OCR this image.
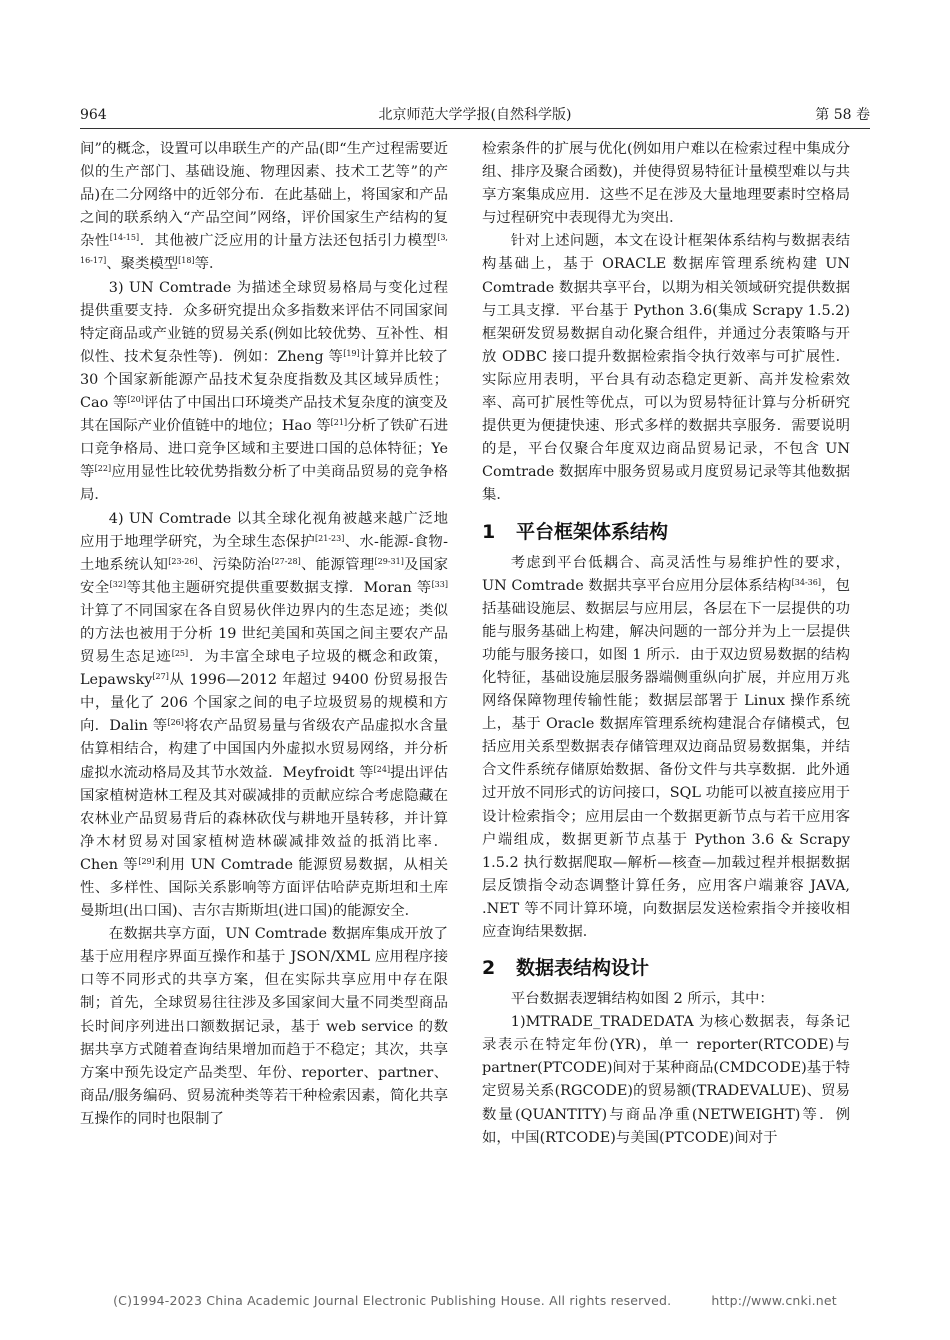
964	北京师范大学学报(自然科学版)	第 58 卷

间”的概念，设置可以串联生产的产品(即“生产过程需要近似的生产部门、基础设施、物理因素、技术工艺等”的产品)在二分网络中的近邻分布．在此基础上，将国家和产品之间的联系纳入“产品空间”网络，评价国家生产结构的复杂性[14-15]．其他被广泛应用的计量方法还包括引力模型[3, 16-17]、聚类模型[18]等．

3) UN Comtrade 为描述全球贸易格局与变化过程提供重要支持．众多研究提出众多指数来评估不同国家间特定商品或产业链的贸易关系(例如比较优势、互补性、相似性、技术复杂性等)．例如：Zheng 等[19]计算并比较了 30 个国家新能源产品技术复杂度指数及其区域异质性；Cao 等[20]评估了中国出口环境类产品技术复杂度的演变及其在国际产业价值链中的地位；Hao 等[21]分析了铁矿石进口竞争格局、进口竞争区域和主要进口国的总体特征；Ye 等[22]应用显性比较优势指数分析了中美商品贸易的竞争格局．

4) UN Comtrade 以其全球化视角被越来越广泛地应用于地理学研究，为全球生态保护[21-23]、水-能源-食物-土地系统认知[23-26]、污染防治[27-28]、能源管理[29-31]及国家安全[32]等其他主题研究提供重要数据支撑．Moran 等[33]计算了不同国家在各自贸易伙伴边界内的生态足迹；类似的方法也被用于分析 19 世纪美国和英国之间主要农产品贸易生态足迹[25]．为丰富全球电子垃圾的概念和政策，Lepawsky[27]从 1996—2012 年超过 9400 份贸易报告中，量化了 206 个国家之间的电子垃圾贸易的规模和方向．Dalin 等[26]将农产品贸易量与省级农产品虚拟水含量估算相结合，构建了中国国内外虚拟水贸易网络，并分析虚拟水流动格局及其节水效益．Meyfroidt 等[24]提出评估国家植树造林工程及其对碳减排的贡献应综合考虑隐藏在农林业产品贸易背后的森林砍伐与耕地开垦转移，并计算净木材贸易对国家植树造林碳减排效益的抵消比率．Chen 等[29]利用 UN Comtrade 能源贸易数据，从相关性、多样性、国际关系影响等方面评估哈萨克斯坦和土库曼斯坦(出口国)、吉尔吉斯斯坦(进口国)的能源安全．

在数据共享方面，UN Comtrade 数据库集成开放了基于应用程序界面互操作和基于 JSON/XML 应用程序接口等不同形式的共享方案，但在实际共享应用中存在限制；首先，全球贸易往往涉及多国家间大量不同类型商品长时间序列进出口额数据记录，基于 web service 的数据共享方式随着查询结果增加而趋于不稳定；其次，共享方案中预先设定产品类型、年份、reporter、partner、商品/服务编码、贸易流种类等若干种检索因素，简化共享互操作的同时也限制了

检索条件的扩展与优化(例如用户难以在检索过程中集成分组、排序及聚合函数)，并使得贸易特征计量模型难以与共享方案集成应用．这些不足在涉及大量地理要素时空格局与过程研究中表现得尤为突出．

针对上述问题，本文在设计框架体系结构与数据表结构基础上，基于 ORACLE 数据库管理系统构建 UN Comtrade 数据共享平台，以期为相关领域研究提供数据与工具支撑．平台基于 Python 3.6(集成 Scrapy 1.5.2)框架研发贸易数据自动化聚合组件，并通过分表策略与开放 ODBC 接口提升数据检索指令执行效率与可扩展性．实际应用表明，平台具有动态稳定更新、高并发检索效率、高可扩展性等优点，可以为贸易特征计算与分析研究提供更为便捷快速、形式多样的数据共享服务．需要说明的是，平台仅聚合年度双边商品贸易记录，不包含 UN Comtrade 数据库中服务贸易或月度贸易记录等其他数据集．

1 平台框架体系结构

考虑到平台低耦合、高灵活性与易维护性的要求，UN Comtrade 数据共享平台应用分层体系结构[34-36]，包括基础设施层、数据层与应用层，各层在下一层提供的功能与服务基础上构建，解决问题的一部分并为上一层提供功能与服务接口，如图 1 所示．由于双边贸易数据的结构化特征，基础设施层服务器端侧重纵向扩展，并应用万兆网络保障物理传输性能；数据层部署于 Linux 操作系统上，基于 Oracle 数据库管理系统构建混合存储模式，包括应用关系型数据表存储管理双边商品贸易数据集，并结合文件系统存储原始数据、备份文件与共享数据．此外通过开放不同形式的访问接口，SQL 功能可以被直接应用于设计检索指令；应用层由一个数据更新节点与若干应用客户端组成，数据更新节点基于 Python 3.6 & Scrapy 1.5.2 执行数据爬取—解析—核查—加载过程并根据数据层反馈指令动态调整计算任务，应用客户端兼容 JAVA, .NET 等不同计算环境，向数据层发送检索指令并接收相应查询结果数据．

2 数据表结构设计

平台数据表逻辑结构如图 2 所示，其中：

1)MTRADE_TRADEDATA 为核心数据表，每条记录表示在特定年份(YR)，单一 reporter(RTCODE)与 partner(PTCODE)间对于某种商品(CMDCODE)基于特定贸易关系(RGCODE)的贸易额(TRADEVALUE)、贸易数量(QUANTITY)与商品净重(NETWEIGHT)等．例如，中国(RTCODE)与美国(PTCODE)间对于

(C)1994-2023 China Academic Journal Electronic Publishing House. All rights reserved.	http://www.cnki.net
